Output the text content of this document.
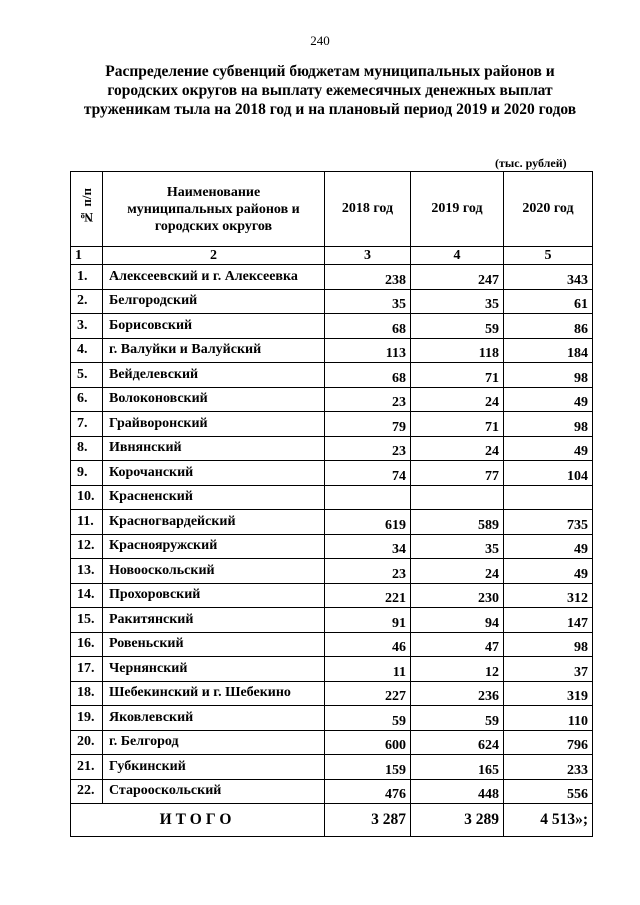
240
Распределение субвенций бюджетам муниципальных районов и
городских округов на выплату ежемесячных денежных выплат
труженикам тыла на 2018 год и на плановый период 2019 и 2020 годов
(тыс. рублей)
№ п/п	Наименование
муниципальных районов и
городских округов	2018 год	2019 год	2020 год
1	2	3	4	5
1.	Алексеевский и г. Алексеевка	238	247	343
2.	Белгородский	35	35	61
3.	Борисовский	68	59	86
4.	г. Валуйки и Валуйский	113	118	184
5.	Вейделевский	68	71	98
6.	Волоконовский	23	24	49
7.	Грайворонский	79	71	98
8.	Ивнянский	23	24	49
9.	Корочанский	74	77	104
10.	Красненский			
11.	Красногвардейский	619	589	735
12.	Краснояружский	34	35	49
13.	Новооскольский	23	24	49
14.	Прохоровский	221	230	312
15.	Ракитянский	91	94	147
16.	Ровеньский	46	47	98
17.	Чернянский	11	12	37
18.	Шебекинский и г. Шебекино	227	236	319
19.	Яковлевский	59	59	110
20.	г. Белгород	600	624	796
21.	Губкинский	159	165	233
22.	Старооскольский	476	448	556
ИТОГО		3 287	3 289	4 513»;
